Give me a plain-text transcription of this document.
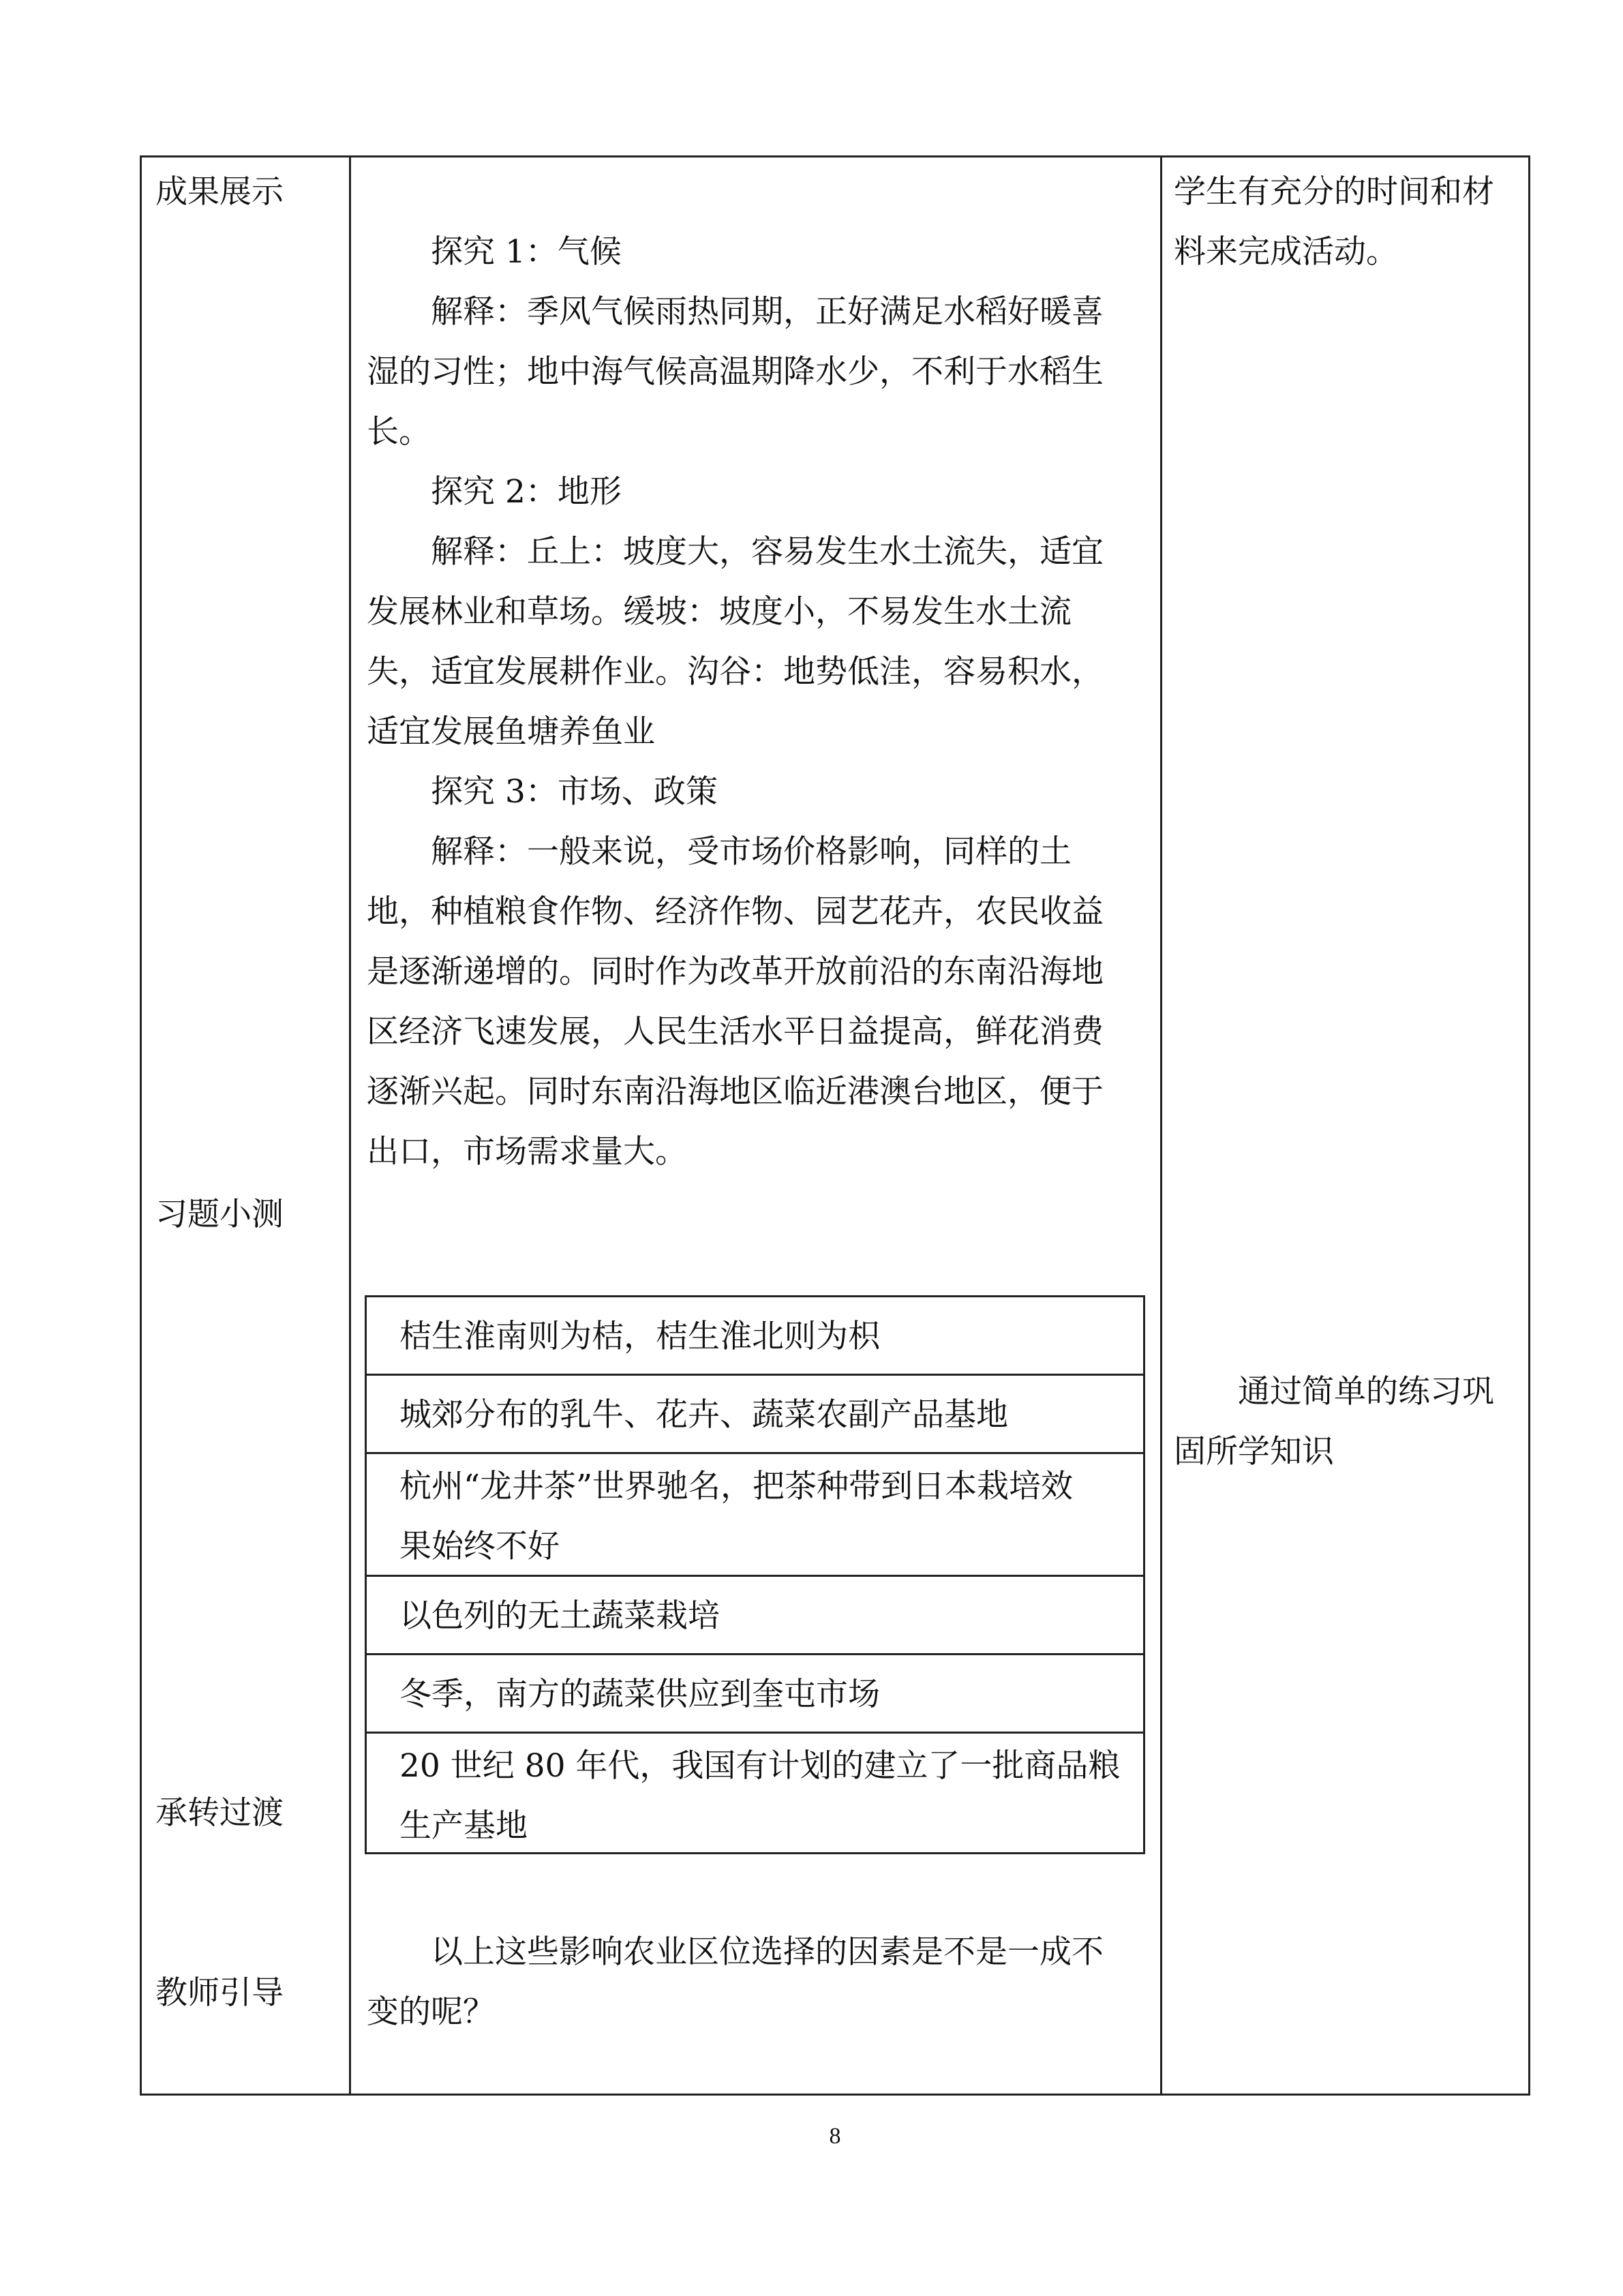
成果展示
习题小测
承转过渡
教师引导
探究 1：气候
解释：季风气候雨热同期，正好满足水稻好暖喜
湿的习性；地中海气候高温期降水少，不利于水稻生
长。
探究 2：地形
解释：丘上：坡度大，容易发生水土流失，适宜
发展林业和草场。缓坡：坡度小，不易发生水土流
失，适宜发展耕作业。沟谷：地势低洼，容易积水，
适宜发展鱼塘养鱼业
探究 3：市场、政策
解释：一般来说，受市场价格影响，同样的土
地，种植粮食作物、经济作物、园艺花卉，农民收益
是逐渐递增的。同时作为改革开放前沿的东南沿海地
区经济飞速发展，人民生活水平日益提高，鲜花消费
逐渐兴起。同时东南沿海地区临近港澳台地区，便于
出口，市场需求量大。
桔生淮南则为桔，桔生淮北则为枳
城郊分布的乳牛、花卉、蔬菜农副产品基地
杭州“龙井茶”世界驰名，把茶种带到日本栽培效
果始终不好
以色列的无土蔬菜栽培
冬季，南方的蔬菜供应到奎屯市场
20 世纪 80 年代，我国有计划的建立了一批商品粮
生产基地
以上这些影响农业区位选择的因素是不是一成不
变的呢？
学生有充分的时间和材
料来完成活动。
通过简单的练习巩
固所学知识
8
